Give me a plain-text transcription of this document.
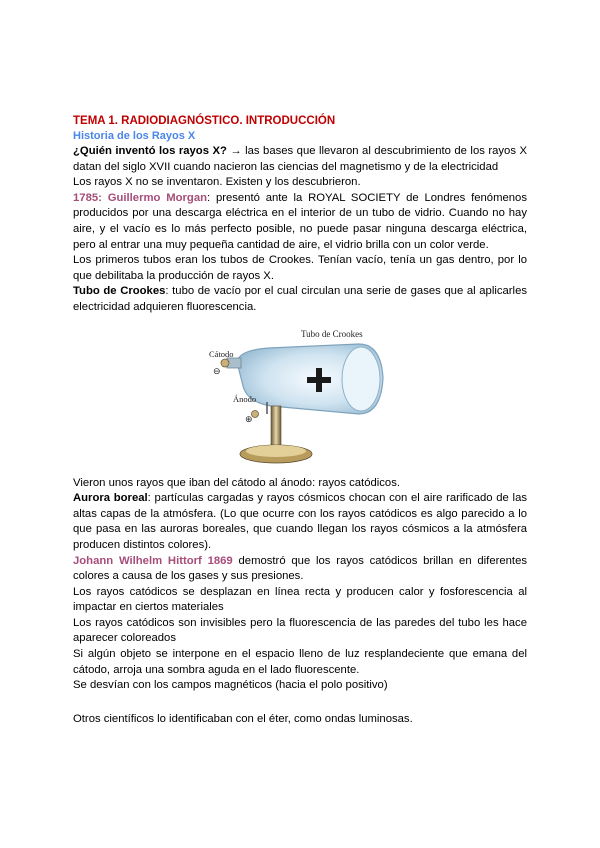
TEMA 1. RADIODIAGNÓSTICO. INTRODUCCIÓN

Historia de los Rayos X

¿Quién inventó los rayos X? → las bases que llevaron al descubrimiento de los rayos X datan del siglo XVII cuando nacieron las ciencias del magnetismo y de la electricidad

Los rayos X no se inventaron. Existen y los descubrieron.

1785: Guillermo Morgan: presentó ante la ROYAL SOCIETY de Londres fenómenos producidos por una descarga eléctrica en el interior de un tubo de vidrio. Cuando no hay aire, y el vacío es lo más perfecto posible, no puede pasar ninguna descarga eléctrica, pero al entrar una muy pequeña cantidad de aire, el vidrio brilla con un color verde.

Los primeros tubos eran los tubos de Crookes. Tenían vacío, tenía un gas dentro, por lo que debilitaba la producción de rayos X.

Tubo de Crookes: tubo de vacío por el cual circulan una serie de gases que al aplicarles electricidad adquieren fluorescencia.

Tubo de Crookes
Cátodo
⊖
Ánodo
⊕

Vieron unos rayos que iban del cátodo al ánodo: rayos catódicos.

Aurora boreal: partículas cargadas y rayos cósmicos chocan con el aire rarificado de las altas capas de la atmósfera. (Lo que ocurre con los rayos catódicos es algo parecido a lo que pasa en las auroras boreales, que cuando llegan los rayos cósmicos a la atmósfera producen distintos colores).

Johann Wilhelm Hittorf 1869 demostró que los rayos catódicos brillan en diferentes colores a causa de los gases y sus presiones.

Los rayos catódicos se desplazan en línea recta y producen calor y fosforescencia al impactar en ciertos materiales

Los rayos catódicos son invisibles pero la fluorescencia de las paredes del tubo les hace aparecer coloreados

Si algún objeto se interpone en el espacio lleno de luz resplandeciente que emana del cátodo, arroja una sombra aguda en el lado fluorescente.

Se desvían con los campos magnéticos (hacia el polo positivo)

Otros científicos lo identificaban con el éter, como ondas luminosas.
